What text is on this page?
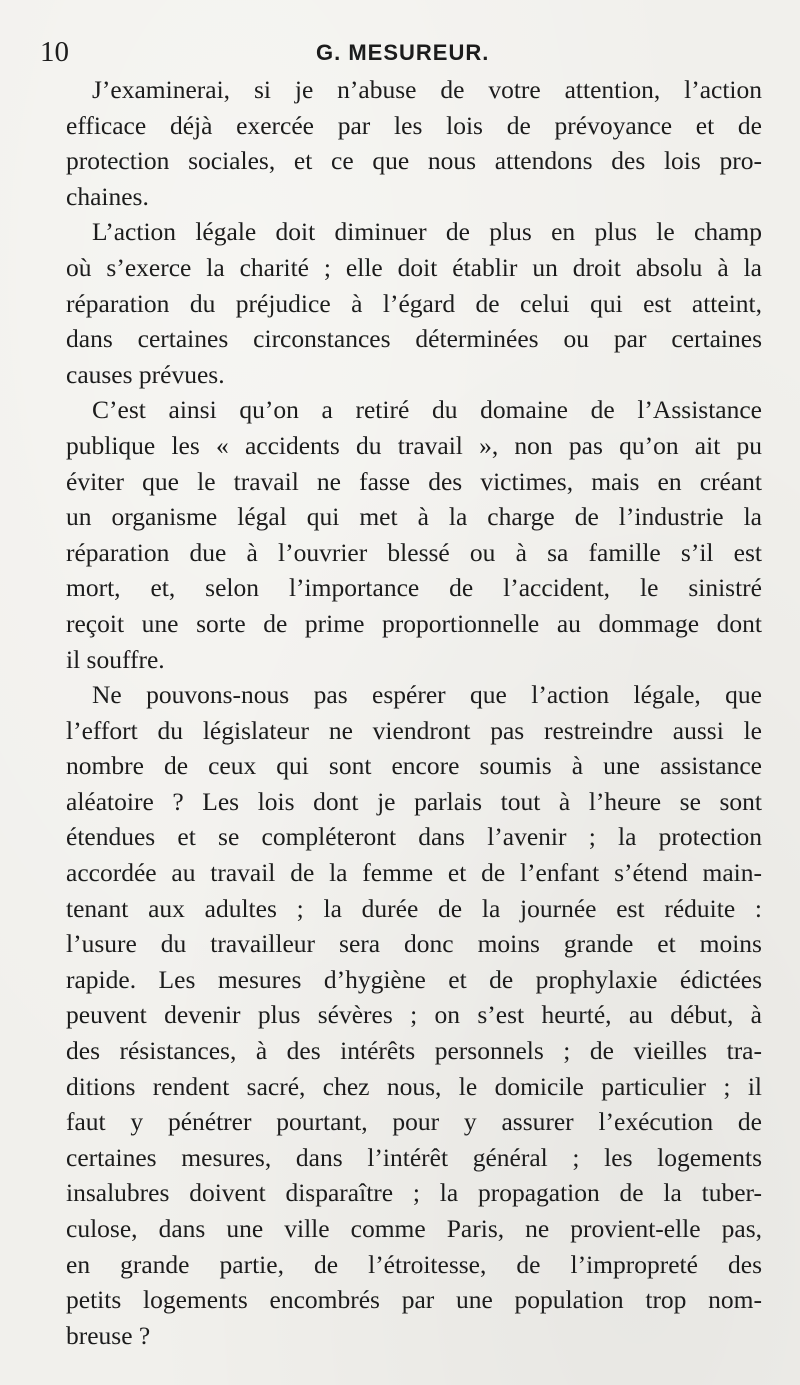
10	G. MESUREUR.
J’examinerai, si je n’abuse de votre attention, l’action
efficace déjà exercée par les lois de prévoyance et de
protection sociales, et ce que nous attendons des lois pro-
chaines.
L’action légale doit diminuer de plus en plus le champ
où s’exerce la charité ; elle doit établir un droit absolu à la
réparation du préjudice à l’égard de celui qui est atteint,
dans certaines circonstances déterminées ou par certaines
causes prévues.
C’est ainsi qu’on a retiré du domaine de l’Assistance
publique les « accidents du travail », non pas qu’on ait pu
éviter que le travail ne fasse des victimes, mais en créant
un organisme légal qui met à la charge de l’industrie la
réparation due à l’ouvrier blessé ou à sa famille s’il est
mort, et, selon l’importance de l’accident, le sinistré
reçoit une sorte de prime proportionnelle au dommage dont
il souffre.
Ne pouvons-nous pas espérer que l’action légale, que
l’effort du législateur ne viendront pas restreindre aussi le
nombre de ceux qui sont encore soumis à une assistance
aléatoire ? Les lois dont je parlais tout à l’heure se sont
étendues et se compléteront dans l’avenir ; la protection
accordée au travail de la femme et de l’enfant s’étend main-
tenant aux adultes ; la durée de la journée est réduite :
l’usure du travailleur sera donc moins grande et moins
rapide. Les mesures d’hygiène et de prophylaxie édictées
peuvent devenir plus sévères ; on s’est heurté, au début, à
des résistances, à des intérêts personnels ; de vieilles tra-
ditions rendent sacré, chez nous, le domicile particulier ; il
faut y pénétrer pourtant, pour y assurer l’exécution de
certaines mesures, dans l’intérêt général ; les logements
insalubres doivent disparaître ; la propagation de la tuber-
culose, dans une ville comme Paris, ne provient-elle pas,
en grande partie, de l’étroitesse, de l’impropreté des
petits logements encombrés par une population trop nom-
breuse ?
